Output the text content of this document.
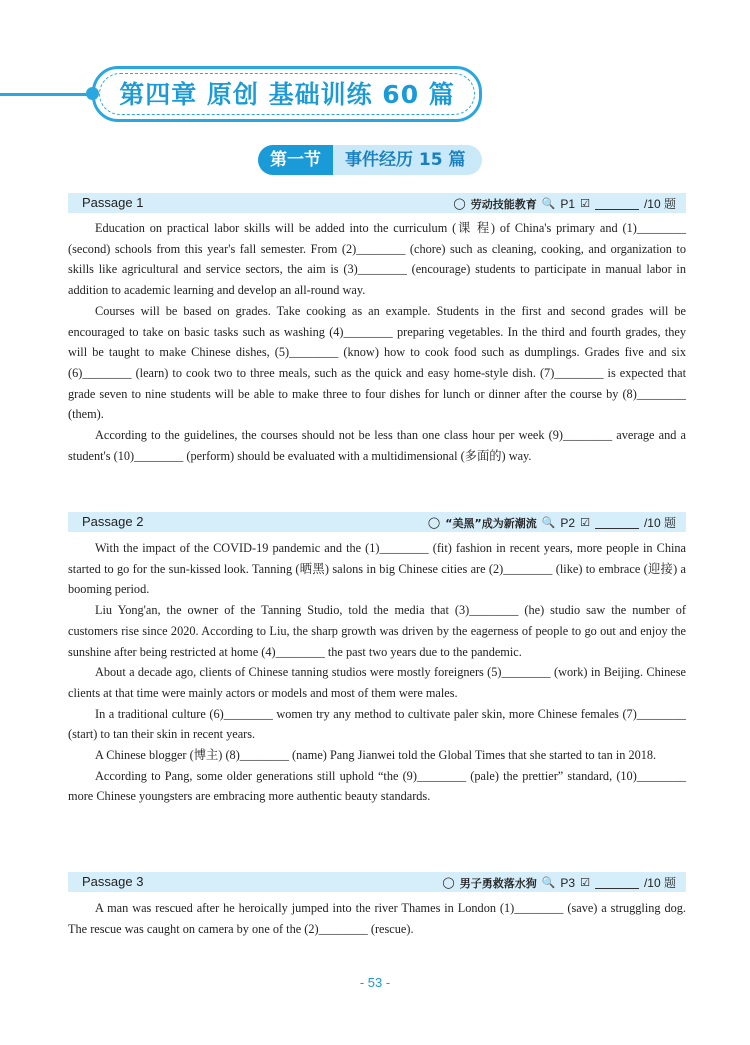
第四章 原创 基础训练 60 篇
第一节	事件经历 15 篇
Passage 1	◯ 劳动技能教育 🔍 P1 ☑	/10 题

Education on practical labor skills will be added into the curriculum (课 程) of China's primary and (1)________ (second) schools from this year's fall semester. From (2)________ (chore) such as cleaning, cooking, and organization to skills like agricultural and service sectors, the aim is (3)________ (encourage) students to participate in manual labor in addition to academic learning and develop an all-round way.

Courses will be based on grades. Take cooking as an example. Students in the first and second grades will be encouraged to take on basic tasks such as washing (4)________ preparing vegetables. In the third and fourth grades, they will be taught to make Chinese dishes, (5)________ (know) how to cook food such as dumplings. Grades five and six (6)________ (learn) to cook two to three meals, such as the quick and easy home-style dish. (7)________ is expected that grade seven to nine students will be able to make three to four dishes for lunch or dinner after the course by (8)________ (them).

According to the guidelines, the courses should not be less than one class hour per week (9)________ average and a student's (10)________ (perform) should be evaluated with a multidimensional (多面的) way.

Passage 2	◯ “美黑”成为新潮流 🔍 P2 ☑	/10 题

With the impact of the COVID-19 pandemic and the (1)________ (fit) fashion in recent years, more people in China started to go for the sun-kissed look. Tanning (晒黑) salons in big Chinese cities are (2)________ (like) to embrace (迎接) a booming period.

Liu Yong'an, the owner of the Tanning Studio, told the media that (3)________ (he) studio saw the number of customers rise since 2020. According to Liu, the sharp growth was driven by the eagerness of people to go out and enjoy the sunshine after being restricted at home (4)________ the past two years due to the pandemic.

About a decade ago, clients of Chinese tanning studios were mostly foreigners (5)________ (work) in Beijing. Chinese clients at that time were mainly actors or models and most of them were males.

In a traditional culture (6)________ women try any method to cultivate paler skin, more Chinese females (7)________ (start) to tan their skin in recent years.

A Chinese blogger (博主) (8)________ (name) Pang Jianwei told the Global Times that she started to tan in 2018.

According to Pang, some older generations still uphold “the (9)________ (pale) the prettier” standard, (10)________ more Chinese youngsters are embracing more authentic beauty standards.

Passage 3	◯ 男子勇救落水狗 🔍 P3 ☑	/10 题

A man was rescued after he heroically jumped into the river Thames in London (1)________ (save) a struggling dog. The rescue was caught on camera by one of the (2)________ (rescue).

- 53 -
